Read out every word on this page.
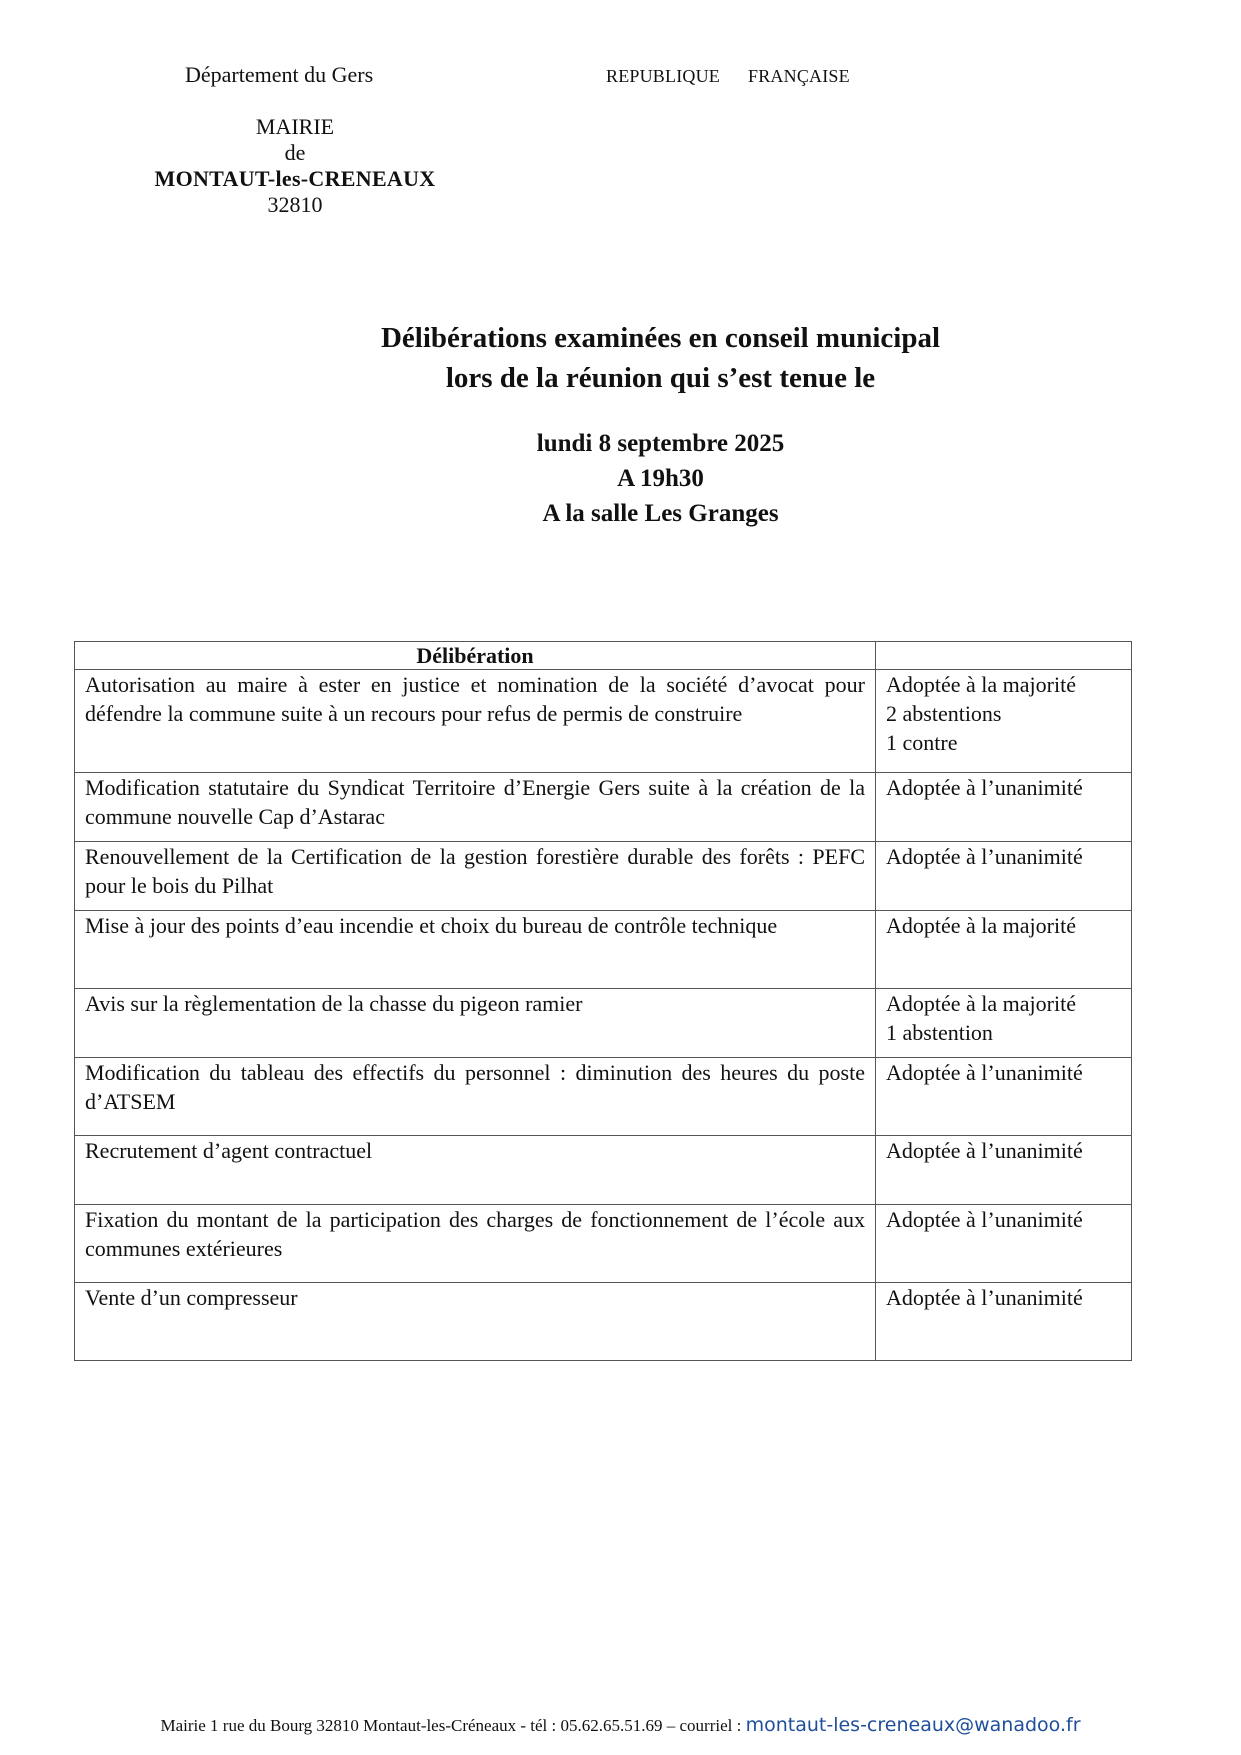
Département du Gers	REPUBLIQUE FRANÇAISE
MAIRIE
de
MONTAUT-les-CRENEAUX
32810
Délibérations examinées en conseil municipal
lors de la réunion qui s’est tenue le
lundi 8 septembre 2025
A 19h30
A la salle Les Granges
Délibération	
Autorisation au maire à ester en justice et nomination de la société d’avocat pour défendre la commune suite à un recours pour refus de permis de construire	Adoptée à la majorité
2 abstentions
1 contre
Modification statutaire du Syndicat Territoire d’Energie Gers suite à la création de la commune nouvelle Cap d’Astarac	Adoptée à l’unanimité
Renouvellement de la Certification de la gestion forestière durable des forêts : PEFC pour le bois du Pilhat	Adoptée à l’unanimité
Mise à jour des points d’eau incendie et choix du bureau de contrôle technique	Adoptée à la majorité
Avis sur la règlementation de la chasse du pigeon ramier	Adoptée à la majorité
1 abstention
Modification du tableau des effectifs du personnel : diminution des heures du poste d’ATSEM	Adoptée à l’unanimité
Recrutement d’agent contractuel	Adoptée à l’unanimité
Fixation du montant de la participation des charges de fonctionnement de l’école aux communes extérieures	Adoptée à l’unanimité
Vente d’un compresseur	Adoptée à l’unanimité
Mairie 1 rue du Bourg 32810 Montaut-les-Créneaux - tél : 05.62.65.51.69 – courriel : montaut-les-creneaux@wanadoo.fr
